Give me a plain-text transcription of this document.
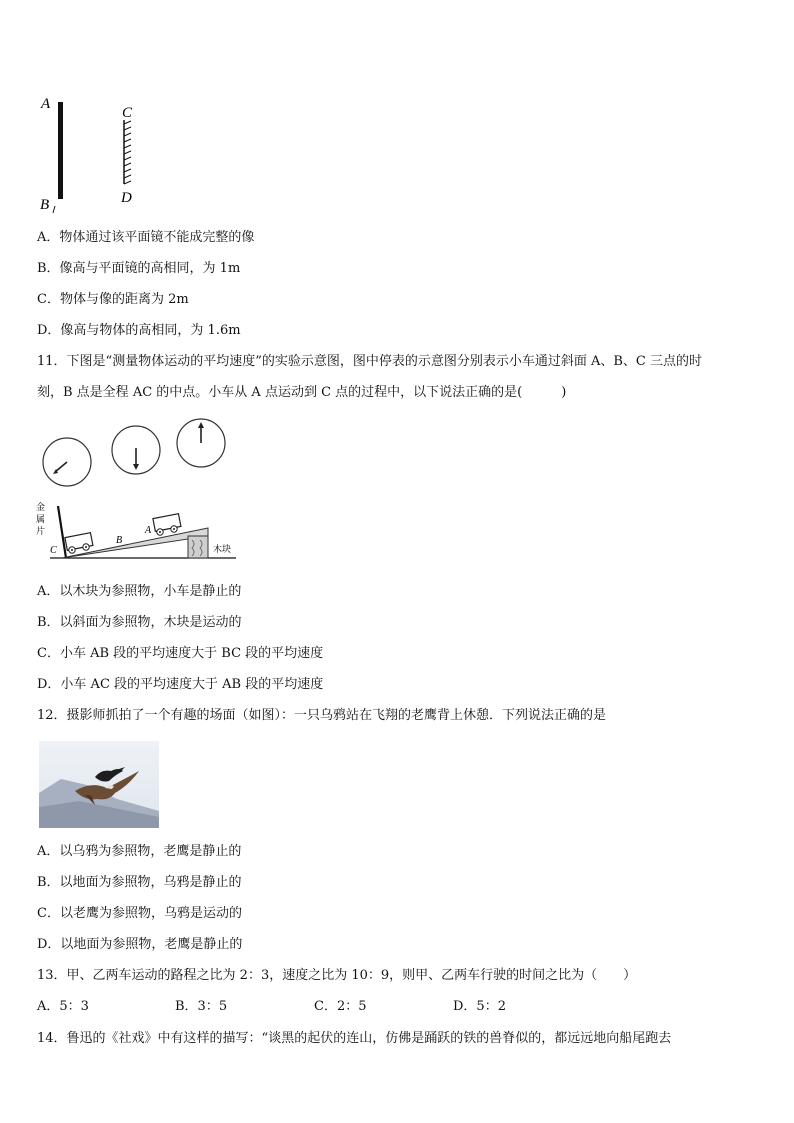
A
B
C
D
A．物体通过该平面镜不能成完整的像
B．像高与平面镜的高相同，为 1m
C．物体与像的距离为 2m
D．像高与物体的高相同，为 1.6m
11．下图是“测量物体运动的平均速度”的实验示意图，图中停表的示意图分别表示小车通过斜面 A、B、C 三点的时
刻，B 点是全程 AC 的中点。小车从 A 点运动到 C 点的过程中，以下说法正确的是(　　　)
金
属
片
C	木块
B
A
A．以木块为参照物，小车是静止的
B．以斜面为参照物，木块是运动的
C．小车 AB 段的平均速度大于 BC 段的平均速度
D．小车 AC 段的平均速度大于 AB 段的平均速度
12．摄影师抓拍了一个有趣的场面（如图）：一只乌鸦站在飞翔的老鹰背上休憩．下列说法正确的是
A．以乌鸦为参照物，老鹰是静止的
B．以地面为参照物，乌鸦是静止的
C．以老鹰为参照物，乌鸦是运动的
D．以地面为参照物，老鹰是静止的
13．甲、乙两车运动的路程之比为 2：3，速度之比为 10：9，则甲、乙两车行驶的时间之比为（　　）
A．5：3	B．3：5	C．2：5	D．5：2
14．鲁迅的《社戏》中有这样的描写：“谈黑的起伏的连山，仿佛是踊跃的铁的兽脊似的，都远远地向船尾跑去
